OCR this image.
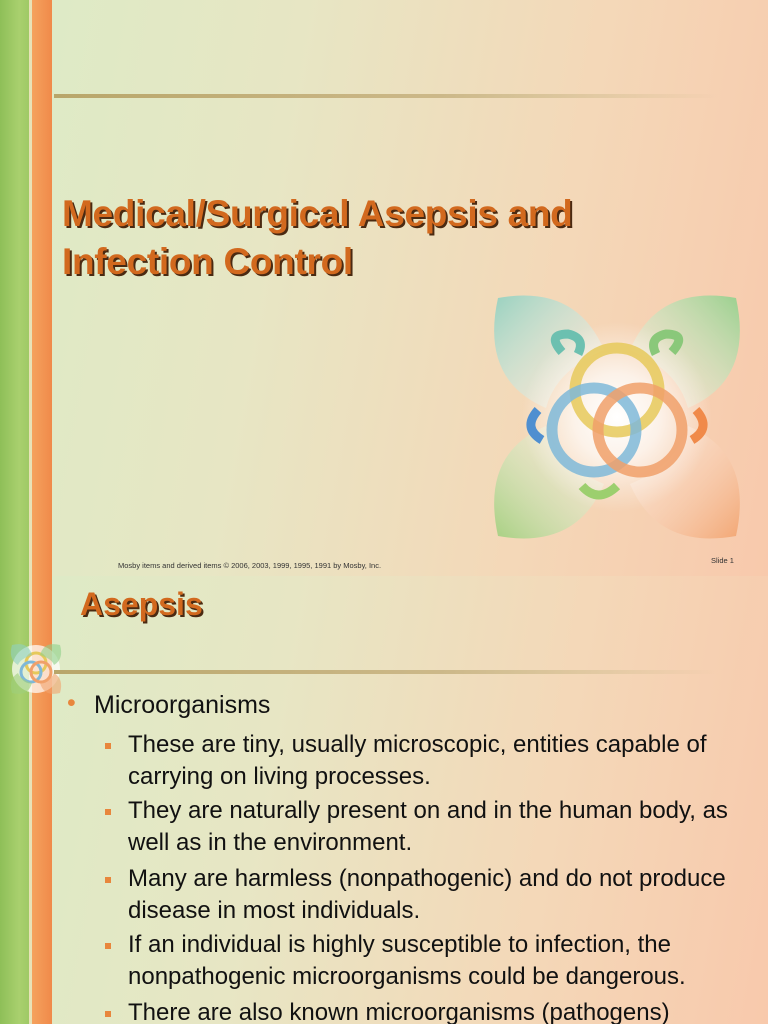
Medical/Surgical Asepsis and Infection Control
Mosby items and derived items © 2006, 2003, 1999, 1995, 1991 by Mosby, Inc.
Slide 1
Asepsis
• Microorganisms
These are tiny, usually microscopic, entities capable of carrying on living processes.
They are naturally present on and in the human body, as well as in the environment.
Many are harmless (nonpathogenic) and do not produce disease in most individuals.
If an individual is highly susceptible to infection, the nonpathogenic microorganisms could be dangerous.
There are also known microorganisms (pathogens)
